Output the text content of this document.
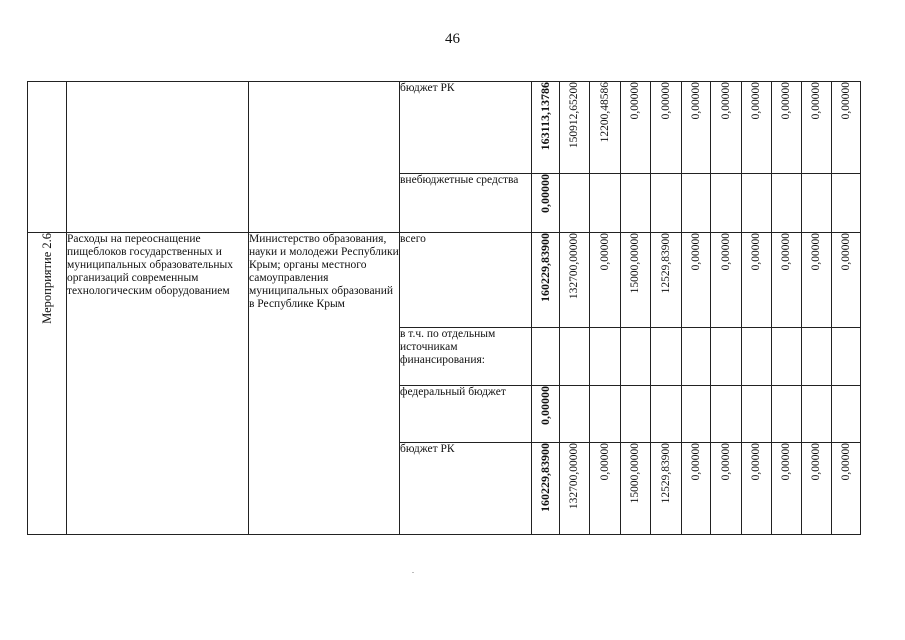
46
			бюджет РК	163113,13786	150912,65200	12200,48586	0,00000	0,00000	0,00000	0,00000	0,00000	0,00000	0,00000	0,00000
			внебюджетные средства	0,00000										
Мероприятие 2.6	Расходы на переоснащение пищеблоков государственных и муниципальных образовательных организаций современным технологическим оборудованием	Министерство образования, науки и молодежи Республики Крым; органы местного самоуправления муниципальных образований в Республике Крым	всего	160229,83900	132700,00000	0,00000	15000,00000	12529,83900	0,00000	0,00000	0,00000	0,00000	0,00000	0,00000
			в т.ч. по отдельным источникам финансирования:											
			федеральный бюджет	0,00000										
			бюджет РК	160229,83900	132700,00000	0,00000	15000,00000	12529,83900	0,00000	0,00000	0,00000	0,00000	0,00000	0,00000
